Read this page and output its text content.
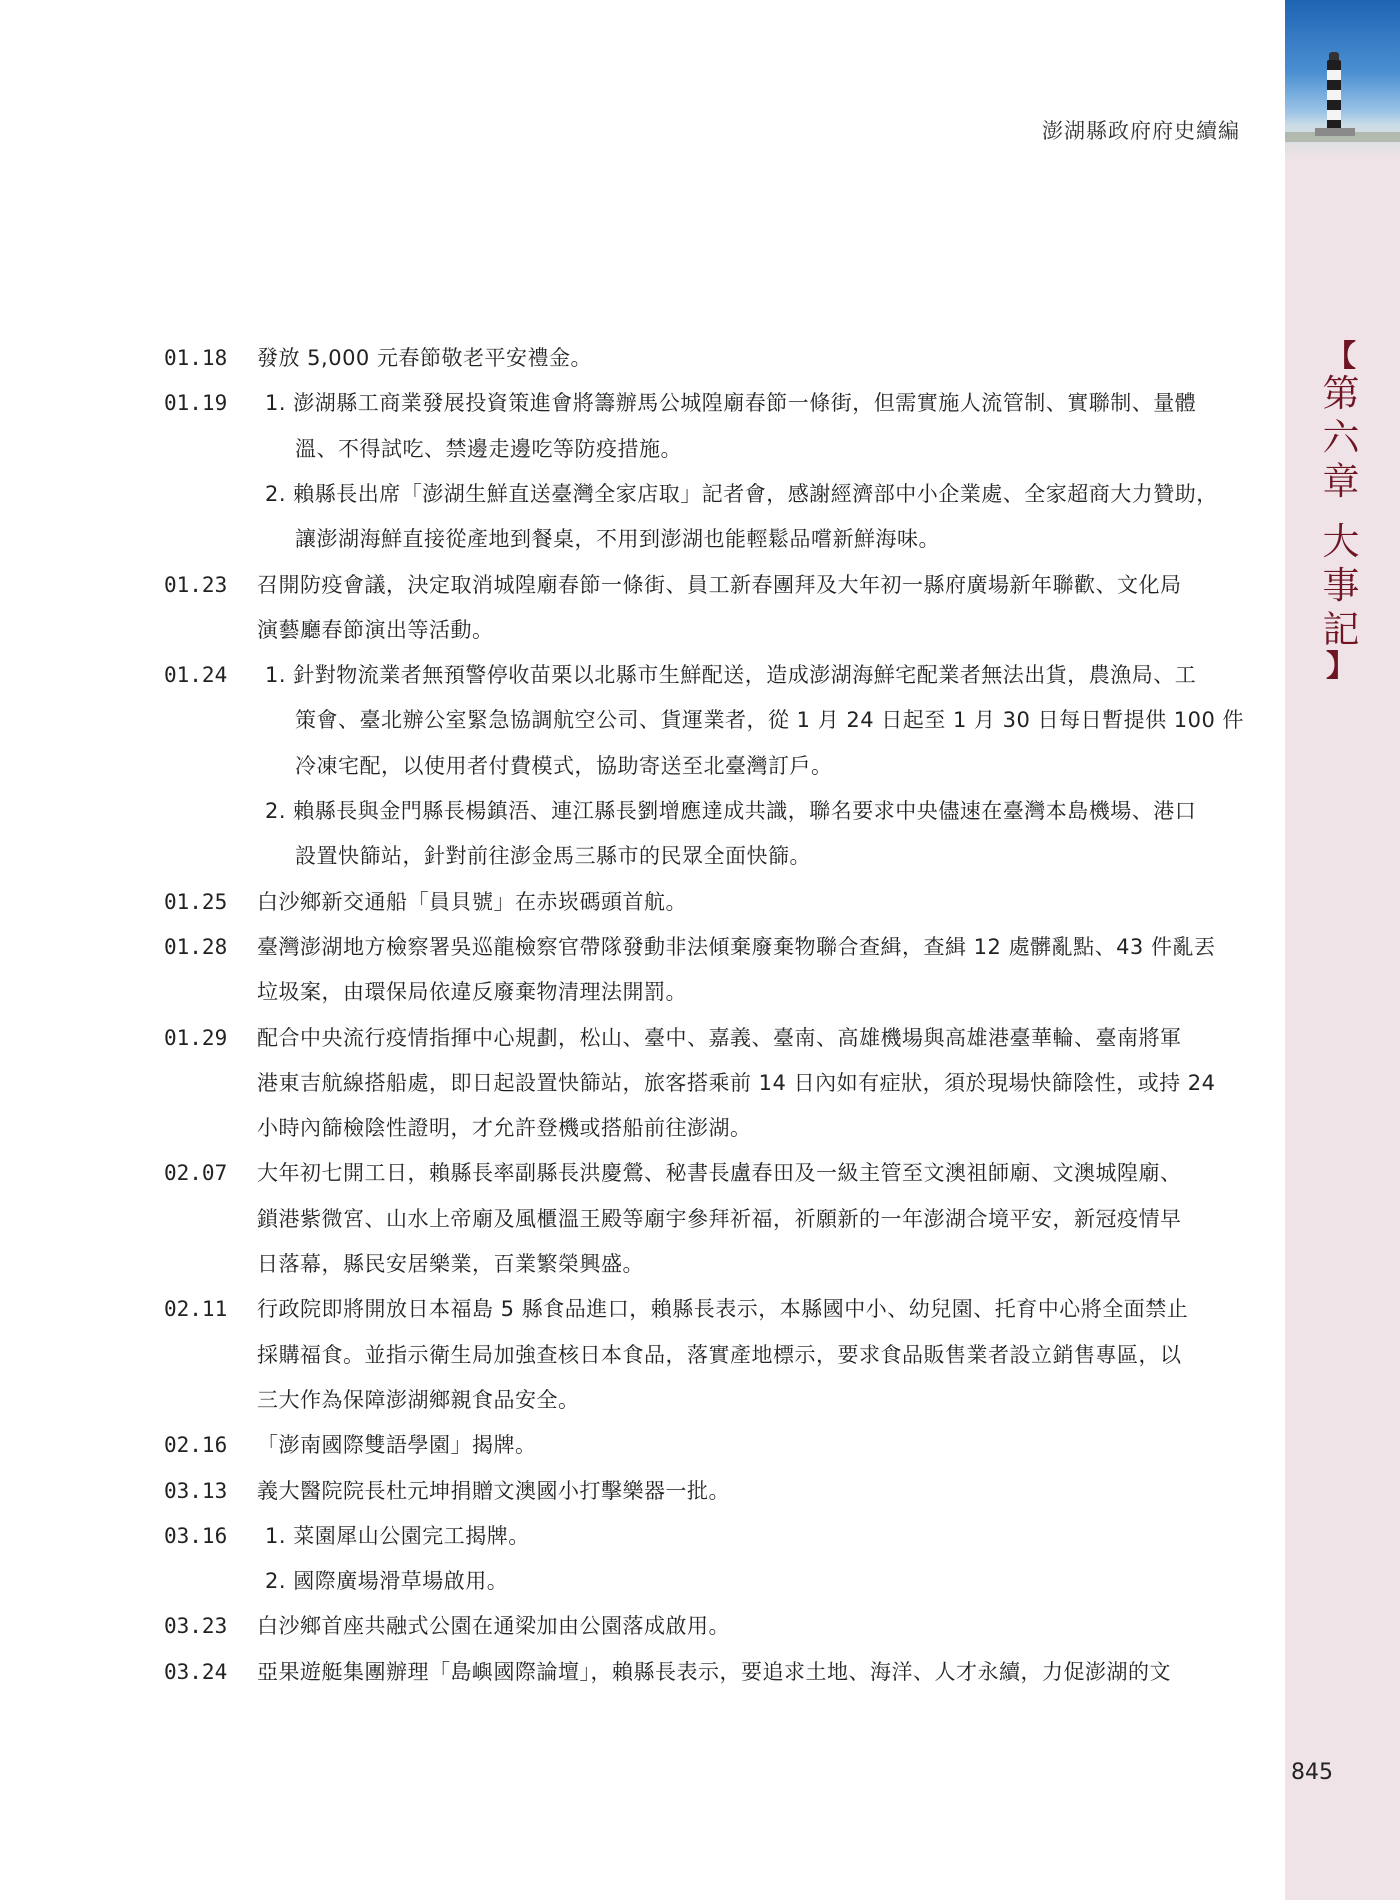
【
第
六
章
大
事
記
】
澎湖縣政府府史續編
01.18 發放 5,000 元春節敬老平安禮金。
01.19 1. 澎湖縣工商業發展投資策進會將籌辦馬公城隍廟春節一條街，但需實施人流管制、實聯制、量體
溫、不得試吃、禁邊走邊吃等防疫措施。
2. 賴縣長出席「澎湖生鮮直送臺灣全家店取」記者會，感謝經濟部中小企業處、全家超商大力贊助，
讓澎湖海鮮直接從產地到餐桌，不用到澎湖也能輕鬆品嚐新鮮海味。
01.23 召開防疫會議，決定取消城隍廟春節一條街、員工新春團拜及大年初一縣府廣場新年聯歡、文化局
演藝廳春節演出等活動。
01.24 1. 針對物流業者無預警停收苗栗以北縣市生鮮配送，造成澎湖海鮮宅配業者無法出貨，農漁局、工
策會、臺北辦公室緊急協調航空公司、貨運業者，從 1 月 24 日起至 1 月 30 日每日暫提供 100 件
冷凍宅配，以使用者付費模式，協助寄送至北臺灣訂戶。
2. 賴縣長與金門縣長楊鎮浯、連江縣長劉增應達成共識，聯名要求中央儘速在臺灣本島機場、港口
設置快篩站，針對前往澎金馬三縣市的民眾全面快篩。
01.25 白沙鄉新交通船「員貝號」在赤崁碼頭首航。
01.28 臺灣澎湖地方檢察署吳巡龍檢察官帶隊發動非法傾棄廢棄物聯合查緝，查緝 12 處髒亂點、43 件亂丟
垃圾案，由環保局依違反廢棄物清理法開罰。
01.29 配合中央流行疫情指揮中心規劃，松山、臺中、嘉義、臺南、高雄機場與高雄港臺華輪、臺南將軍
港東吉航線搭船處，即日起設置快篩站，旅客搭乘前 14 日內如有症狀，須於現場快篩陰性，或持 24
小時內篩檢陰性證明，才允許登機或搭船前往澎湖。
02.07 大年初七開工日，賴縣長率副縣長洪慶鶯、秘書長盧春田及一級主管至文澳祖師廟、文澳城隍廟、
鎖港紫微宮、山水上帝廟及風櫃溫王殿等廟宇參拜祈福，祈願新的一年澎湖合境平安，新冠疫情早
日落幕，縣民安居樂業，百業繁榮興盛。
02.11 行政院即將開放日本福島 5 縣食品進口，賴縣長表示，本縣國中小、幼兒園、托育中心將全面禁止
採購福食。並指示衛生局加強查核日本食品，落實產地標示，要求食品販售業者設立銷售專區，以
三大作為保障澎湖鄉親食品安全。
02.16 「澎南國際雙語學園」揭牌。
03.13 義大醫院院長杜元坤捐贈文澳國小打擊樂器一批。
03.16 1. 菜園犀山公園完工揭牌。
2. 國際廣場滑草場啟用。
03.23 白沙鄉首座共融式公園在通梁加由公園落成啟用。
03.24 亞果遊艇集團辦理「島嶼國際論壇」，賴縣長表示，要追求土地、海洋、人才永續，力促澎湖的文
845
